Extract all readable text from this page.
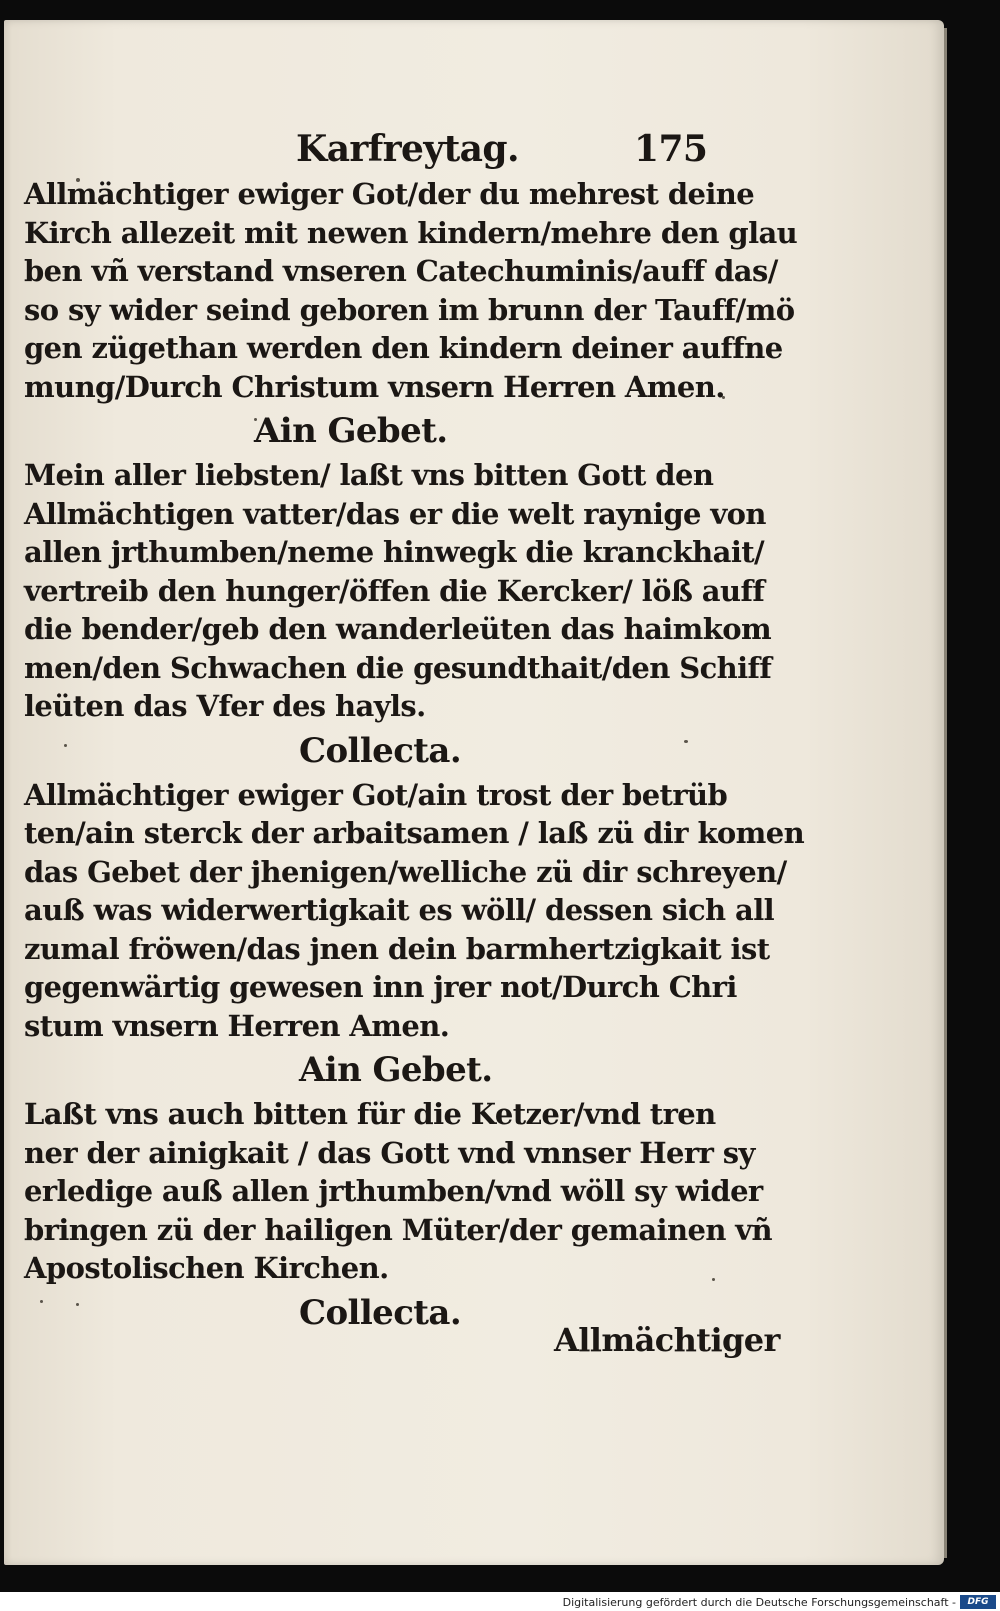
Karfreytag.	175
Allmächtiger ewiger Got/der du mehrest deine
Kirch allezeit mit newen kindern/mehre den glau
ben vñ verstand vnseren Catechuminis/auff das/
so sy wider seind geboren im brunn der Tauff/mö
gen zügethan werden den kindern deiner auffne
mung/Durch Christum vnsern Herren Amen.
Ain Gebet.
Mein aller liebsten/ laßt vns bitten Gott den
Allmächtigen vatter/das er die welt raynige von
allen jrthumben/neme hinwegk die kranckhait/
vertreib den hunger/öffen die Kercker/ löß auff
die bender/geb den wanderleüten das haimkom
men/den Schwachen die gesundthait/den Schiff
leüten das Vfer des hayls.
Collecta.
Allmächtiger ewiger Got/ain trost der betrüb
ten/ain sterck der arbaitsamen / laß zü dir komen
das Gebet der jhenigen/welliche zü dir schreyen/
auß was widerwertigkait es wöll/ dessen sich all
zumal fröwen/das jnen dein barmhertzigkait ist
gegenwärtig gewesen inn jrer not/Durch Chri
stum vnsern Herren Amen.
Ain Gebet.
Laßt vns auch bitten für die Ketzer/vnd tren
ner der ainigkait / das Gott vnd vnnser Herr sy
erledige auß allen jrthumben/vnd wöll sy wider
bringen zü der hailigen Müter/der gemainen vñ
Apostolischen Kirchen.
Collecta.
Allmächtiger
Digitalisierung gefördert durch die Deutsche Forschungsgemeinschaft -	DFG
